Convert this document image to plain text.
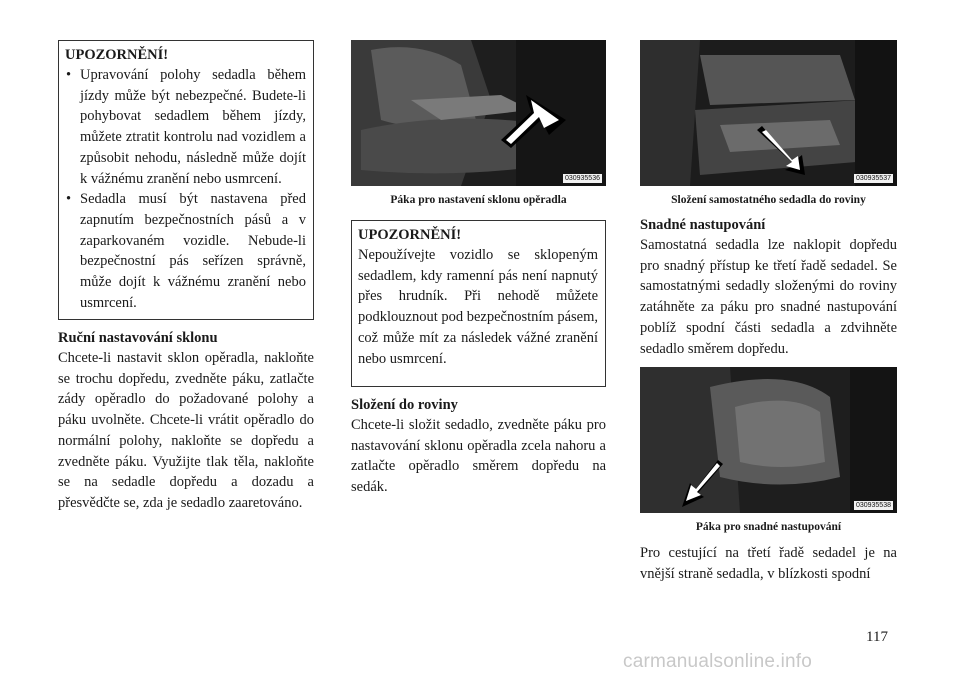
UPOZORNĚNÍ!

• Upravování polohy sedadla během jízdy může být nebezpečné. Budete-li pohybovat sedadlem během jízdy, můžete ztratit kontrolu nad vozidlem a způsobit nehodu, následně může dojít k vážnému zranění nebo usmrcení.
• Sedadla musí být nastavena před zapnutím bezpečnostních pásů a v zaparkovaném vozidle. Nebude-li bezpečnostní pás seřízen správně, může dojít k vážnému zranění nebo usmrcení.

Ruční nastavování sklonu

Chcete-li nastavit sklon opěradla, nakloňte se trochu dopředu, zvedněte páku, zatlačte zády opěradlo do požadované polohy a páku uvolněte. Chcete-li vrátit opěradlo do normální polohy, nakloňte se dopředu a zvedněte páku. Využijte tlak těla, nakloňte se na sedadle dopředu a dozadu a přesvědčte se, zda je sedadlo zaaretováno.

030935536

Páka pro nastavení sklonu opěradla

UPOZORNĚNÍ!

Nepoužívejte vozidlo se sklopeným sedadlem, kdy ramenní pás není napnutý přes hrudník. Při nehodě můžete podklouznout pod bezpečnostním pásem, což může mít za následek vážné zranění nebo usmrcení.

Složení do roviny

Chcete-li složit sedadlo, zvedněte páku pro nastavování sklonu opěradla zcela nahoru a zatlačte opěradlo směrem dopředu na sedák.

030935537

Složení samostatného sedadla do roviny

Snadné nastupování

Samostatná sedadla lze naklopit dopředu pro snadný přístup ke třetí řadě sedadel. Se samostatnými sedadly složenými do roviny zatáhněte za páku pro snadné nastupování poblíž spodní části sedadla a zdvihněte sedadlo směrem dopředu.

030935538

Páka pro snadné nastupování

Pro cestující na třetí řadě sedadel je na vnější straně sedadla, v blízkosti spodní

117
carmanualsonline.info
